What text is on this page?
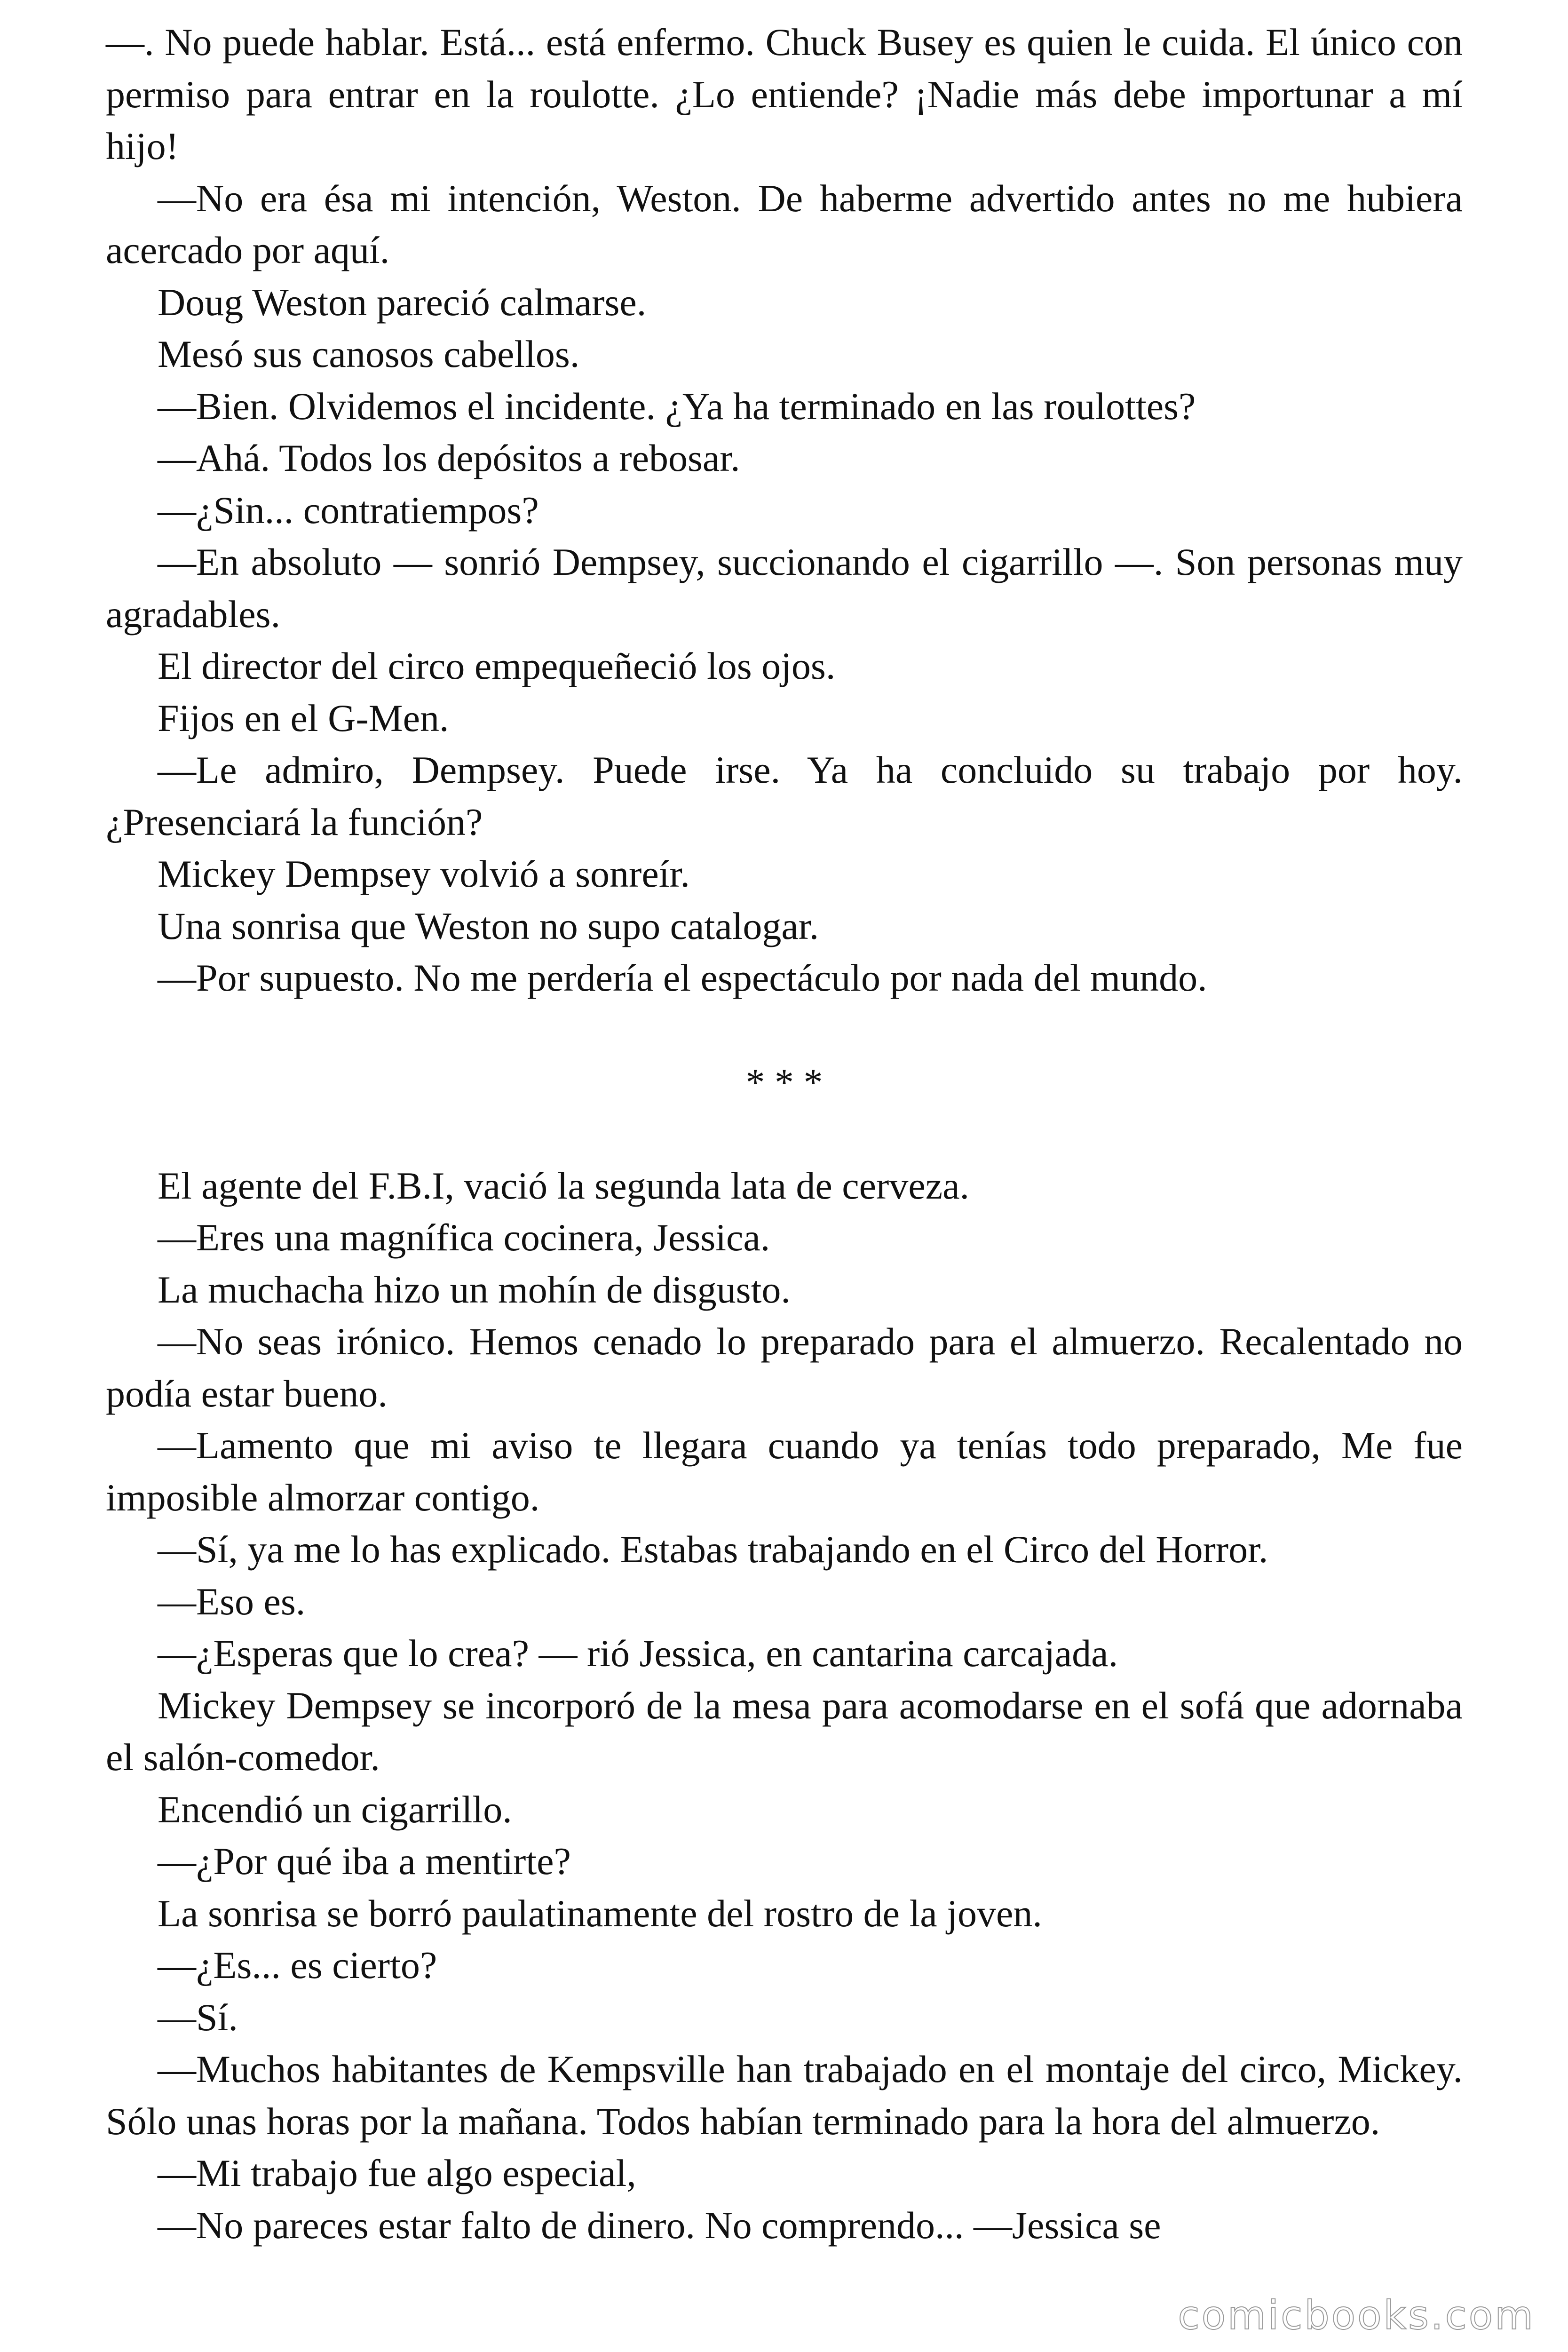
—. No puede hablar. Está... está enfermo. Chuck Busey es quien le cuida. El único con permiso para entrar en la roulotte. ¿Lo entiende? ¡Nadie más debe importunar a mí hijo!

—No era ésa mi intención, Weston. De haberme advertido antes no me hubiera acercado por aquí.

Doug Weston pareció calmarse.

Mesó sus canosos cabellos.

—Bien. Olvidemos el incidente. ¿Ya ha terminado en las roulottes?

—Ahá. Todos los depósitos a rebosar.

—¿Sin... contratiempos?

—En absoluto — sonrió Dempsey, succionando el cigarrillo —. Son personas muy agradables.

El director del circo empequeñeció los ojos.

Fijos en el G-Men.

—Le admiro, Dempsey. Puede irse. Ya ha concluido su trabajo por hoy. ¿Presenciará la función?

Mickey Dempsey volvió a sonreír.

Una sonrisa que Weston no supo catalogar.

—Por supuesto. No me perdería el espectáculo por nada del mundo.

* * *

El agente del F.B.I, vació la segunda lata de cerveza.

—Eres una magnífica cocinera, Jessica.

La muchacha hizo un mohín de disgusto.

—No seas irónico. Hemos cenado lo preparado para el almuerzo. Recalentado no podía estar bueno.

—Lamento que mi aviso te llegara cuando ya tenías todo preparado, Me fue imposible almorzar contigo.

—Sí, ya me lo has explicado. Estabas trabajando en el Circo del Horror.

—Eso es.

—¿Esperas que lo crea? — rió Jessica, en cantarina carcajada.

Mickey Dempsey se incorporó de la mesa para acomodarse en el sofá que adornaba el salón-comedor.

Encendió un cigarrillo.

—¿Por qué iba a mentirte?

La sonrisa se borró paulatinamente del rostro de la joven.

—¿Es... es cierto?

—Sí.

—Muchos habitantes de Kempsville han trabajado en el montaje del circo, Mickey. Sólo unas horas por la mañana. Todos habían terminado para la hora del almuerzo.

—Mi trabajo fue algo especial,

—No pareces estar falto de dinero. No comprendo... —Jessica se

comicbooks.com
